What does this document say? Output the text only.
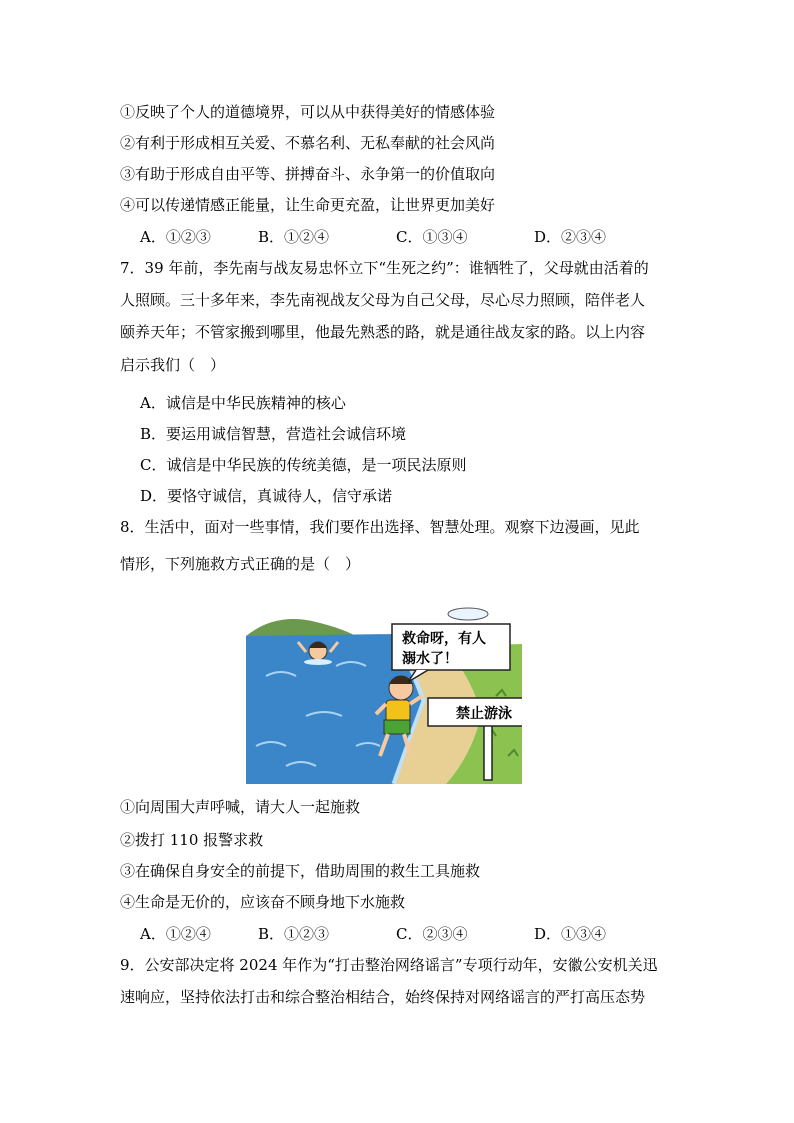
①反映了个人的道德境界，可以从中获得美好的情感体验
②有利于形成相互关爱、不慕名利、无私奉献的社会风尚
③有助于形成自由平等、拼搏奋斗、永争第一的价值取向
④可以传递情感正能量，让生命更充盈，让世界更加美好
A．①②③	B．①②④	C．①③④	D．②③④
7．39 年前，李先南与战友易忠怀立下“生死之约”：谁牺牲了，父母就由活着的
人照顾。三十多年来，李先南视战友父母为自己父母，尽心尽力照顾，陪伴老人
颐养天年；不管家搬到哪里，他最先熟悉的路，就是通往战友家的路。以上内容
启示我们（　）
A．诚信是中华民族精神的核心
B．要运用诚信智慧，营造社会诚信环境
C．诚信是中华民族的传统美德，是一项民法原则
D．要恪守诚信，真诚待人，信守承诺
8．生活中，面对一些事情，我们要作出选择、智慧处理。观察下边漫画，见此
情形，下列施救方式正确的是（　）
救命呀，有人
溺水了！
禁止游泳
①向周围大声呼喊，请大人一起施救
②拨打 110 报警求救
③在确保自身安全的前提下，借助周围的救生工具施救
④生命是无价的，应该奋不顾身地下水施救
A．①②④	B．①②③	C．②③④	D．①③④
9．公安部决定将 2024 年作为“打击整治网络谣言”专项行动年，安徽公安机关迅
速响应，坚持依法打击和综合整治相结合，始终保持对网络谣言的严打高压态势
